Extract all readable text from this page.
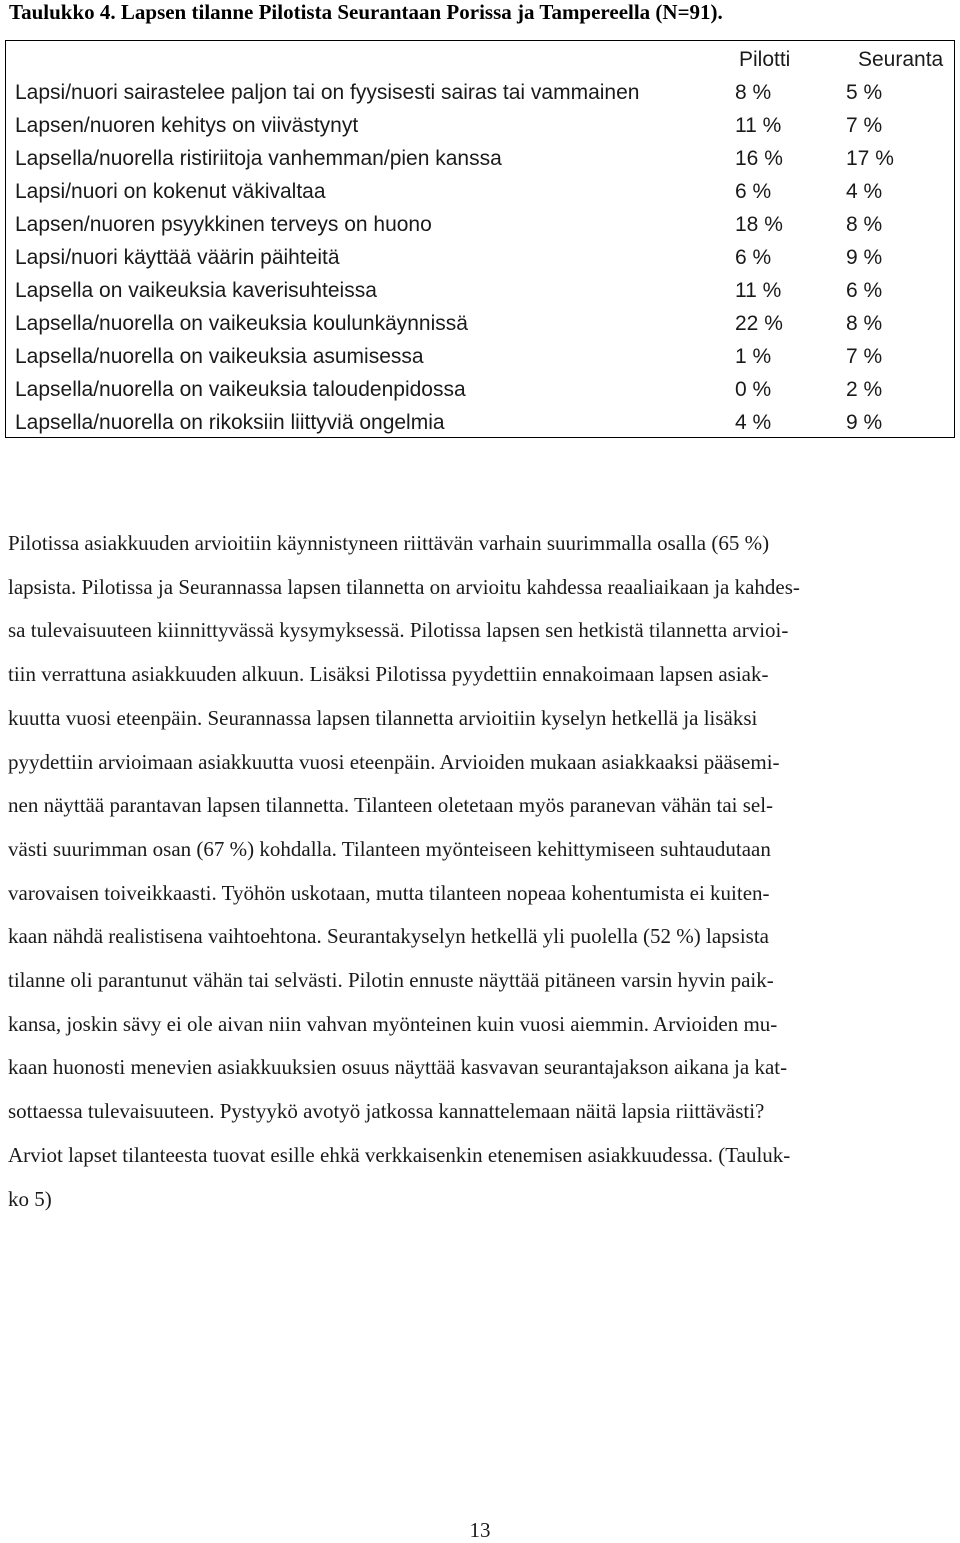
Taulukko 4. Lapsen tilanne Pilotista Seurantaan Porissa ja Tampereella (N=91).
Pilotti	Seuranta
Lapsi/nuori sairastelee paljon tai on fyysisesti sairas tai vammainen	8 %	5 %
Lapsen/nuoren kehitys on viivästynyt	11 %	7 %
Lapsella/nuorella ristiriitoja vanhemman/pien kanssa	16 %	17 %
Lapsi/nuori on kokenut väkivaltaa	6 %	4 %
Lapsen/nuoren psyykkinen terveys on huono	18 %	8 %
Lapsi/nuori käyttää väärin päihteitä	6 %	9 %
Lapsella on vaikeuksia kaverisuhteissa	11 %	6 %
Lapsella/nuorella on vaikeuksia koulunkäynnissä	22 %	8 %
Lapsella/nuorella on vaikeuksia asumisessa	1 %	7 %
Lapsella/nuorella on vaikeuksia taloudenpidossa	0 %	2 %
Lapsella/nuorella on rikoksiin liittyviä ongelmia	4 %	9 %
Pilotissa asiakkuuden arvioitiin käynnistyneen riittävän varhain suurimmalla osalla (65 %)
lapsista. Pilotissa ja Seurannassa lapsen tilannetta on arvioitu kahdessa reaaliaikaan ja kahdes-
sa tulevaisuuteen kiinnittyvässä kysymyksessä. Pilotissa lapsen sen hetkistä tilannetta arvioi-
tiin verrattuna asiakkuuden alkuun. Lisäksi Pilotissa pyydettiin ennakoimaan lapsen asiak-
kuutta vuosi eteenpäin. Seurannassa lapsen tilannetta arvioitiin kyselyn hetkellä ja lisäksi
pyydettiin arvioimaan asiakkuutta vuosi eteenpäin. Arvioiden mukaan asiakkaaksi pääsemi-
nen näyttää parantavan lapsen tilannetta. Tilanteen oletetaan myös paranevan vähän tai sel-
västi suurimman osan (67 %) kohdalla. Tilanteen myönteiseen kehittymiseen suhtaudutaan
varovaisen toiveikkaasti. Työhön uskotaan, mutta tilanteen nopeaa kohentumista ei kuiten-
kaan nähdä realistisena vaihtoehtona. Seurantakyselyn hetkellä yli puolella (52 %) lapsista
tilanne oli parantunut vähän tai selvästi. Pilotin ennuste näyttää pitäneen varsin hyvin paik-
kansa, joskin sävy ei ole aivan niin vahvan myönteinen kuin vuosi aiemmin. Arvioiden mu-
kaan huonosti menevien asiakkuuksien osuus näyttää kasvavan seurantajakson aikana ja kat-
sottaessa tulevaisuuteen. Pystyykö avotyö jatkossa kannattelemaan näitä lapsia riittävästi?
Arviot lapset tilanteesta tuovat esille ehkä verkkaisenkin etenemisen asiakkuudessa. (Tauluk-
ko 5)
13
